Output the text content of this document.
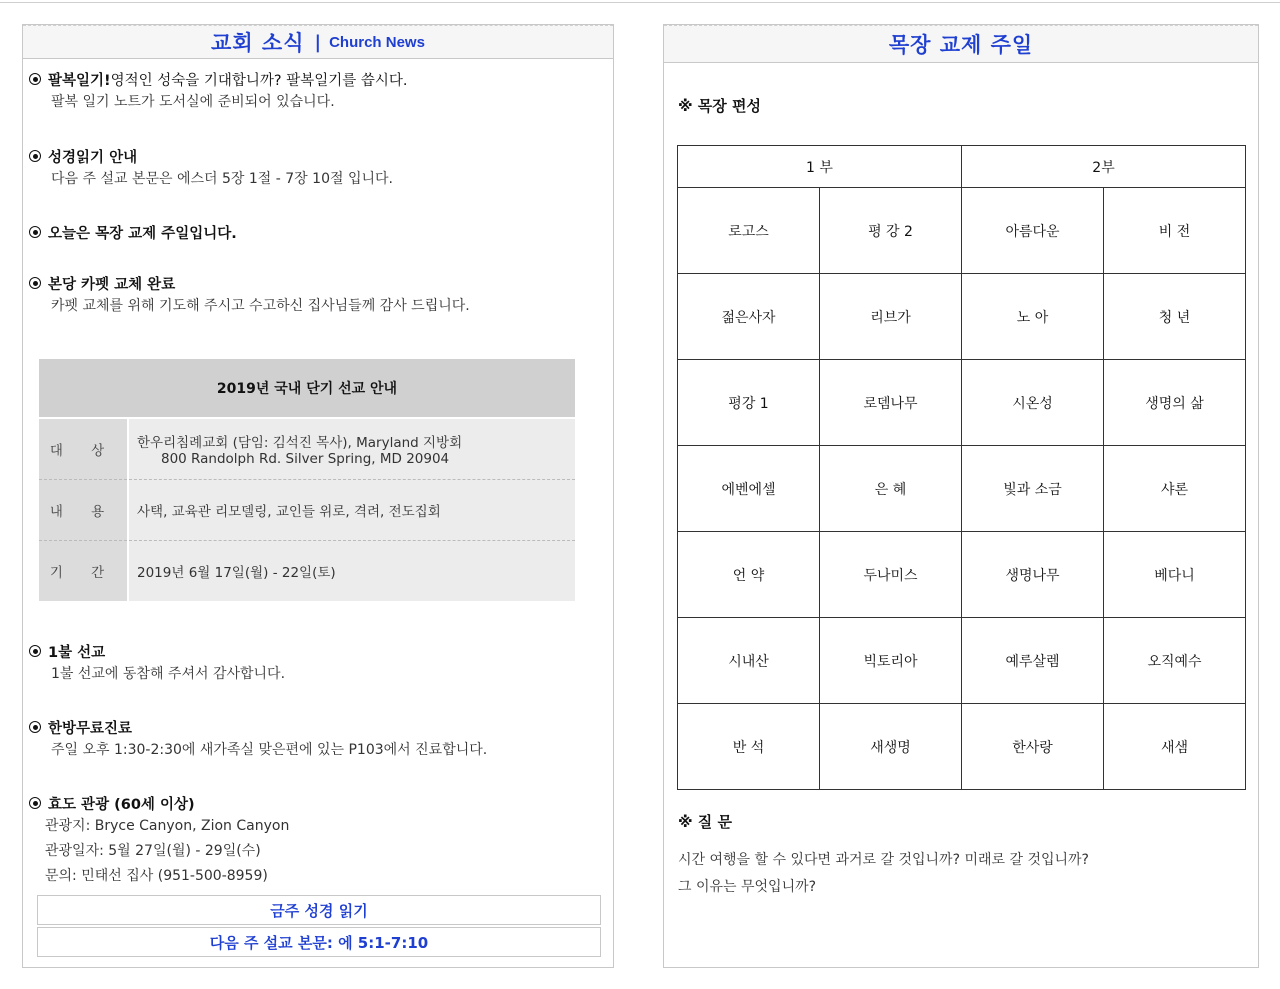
교회 소식 | Church News
팔복일기! 영적인 성숙을 기대합니까? 팔복일기를 씁시다.
팔복 일기 노트가 도서실에 준비되어 있습니다.
성경읽기 안내
다음 주 설교 본문은 에스더 5장 1절 - 7장 10절 입니다.
오늘은 목장 교제 주일입니다.
본당 카펫 교체 완료
카펫 교체를 위해 기도해 주시고 수고하신 집사님들께 감사 드립니다.
2019년 국내 단기 선교 안내	
대 상	한우리침례교회 (담임: 김석진 목사), Maryland 지방회
800 Randolph Rd. Silver Spring, MD 20904

내 용	사택, 교육관 리모델링, 교인들 위로, 격려, 전도집회
기 간	2019년 6월 17일(월) - 22일(토)
1불 선교
1불 선교에 동참해 주셔서 감사합니다.
한방무료진료
주일 오후 1:30-2:30에 새가족실 맞은편에 있는 P103에서 진료합니다.
효도 관광 (60세 이상)
관광지: Bryce Canyon, Zion Canyon
관광일자: 5월 27일(월) - 29일(수)
문의: 민태선 집사 (951-500-8959)
금주 성경 읽기
다음 주 설교 본문: 에 5:1-7:10
목장 교제 주일
※ 목장 편성
1 부		2부	
로고스	평 강 2	아름다운	비 전
젊은사자	리브가	노 아	청 년
평강 1	로뎀나무	시온성	생명의 삶
에벤에셀	은 혜	빛과 소금	샤론
언 약	두나미스	생명나무	베다니
시내산	빅토리아	예루살렘	오직예수
반 석	새생명	한사랑	새샘
※ 질 문
시간 여행을 할 수 있다면 과거로 갈 것입니까? 미래로 갈 것입니까?
그 이유는 무엇입니까?
